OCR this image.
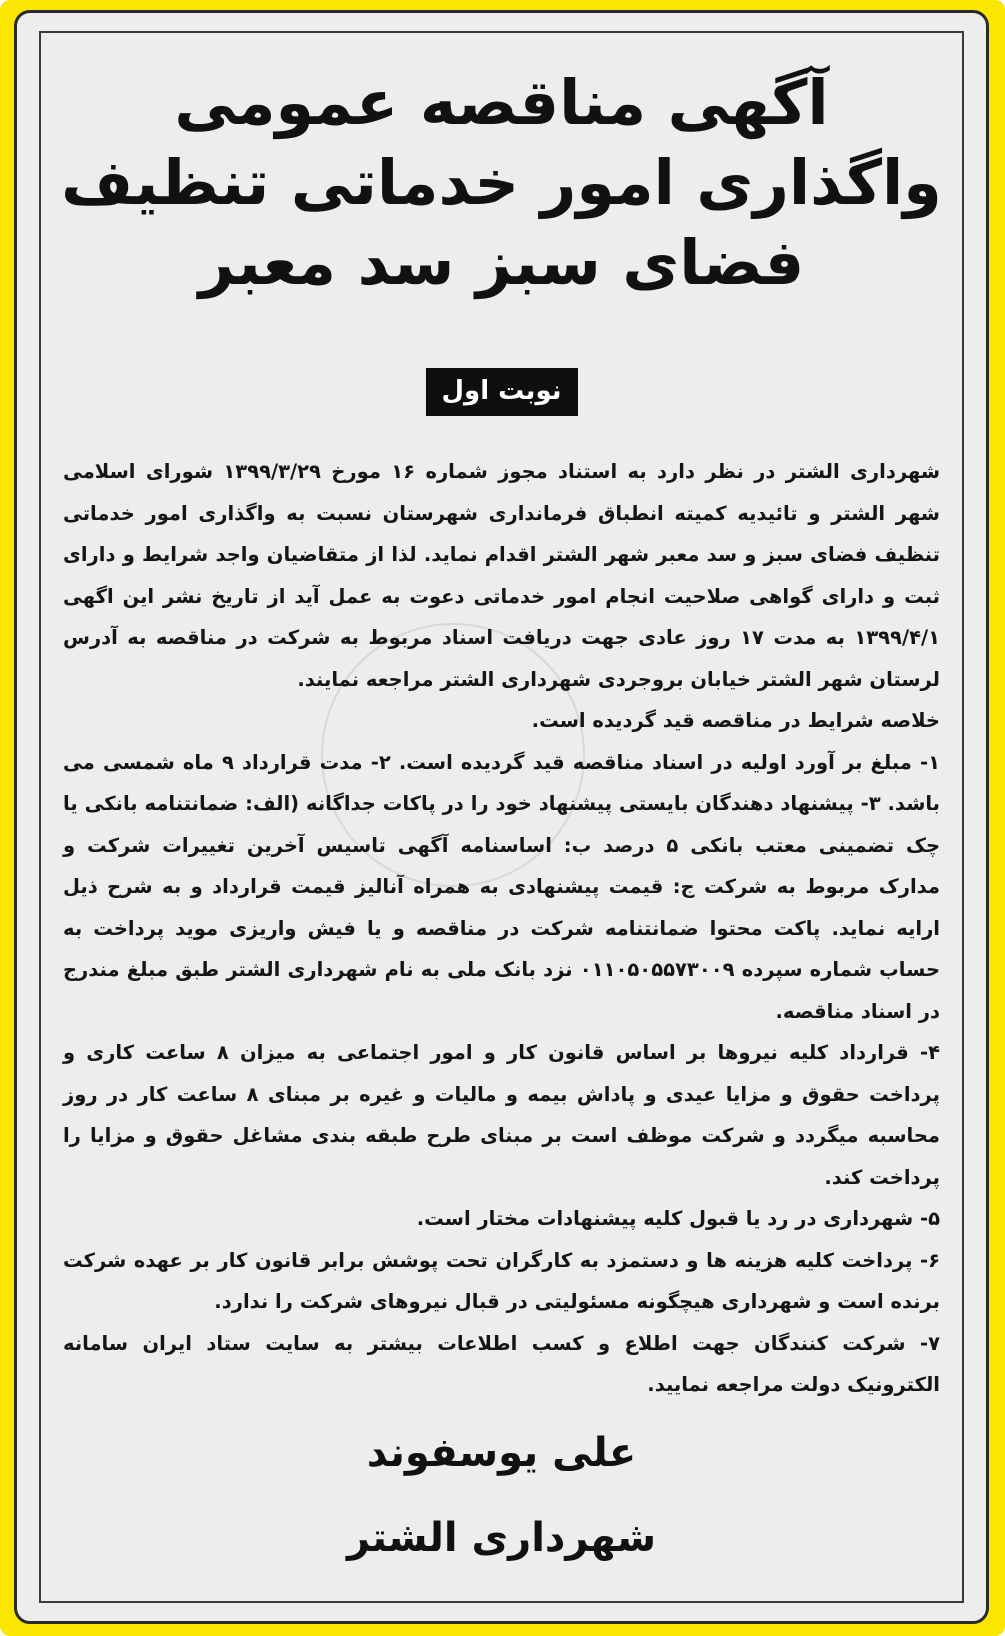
آگهی مناقصه عمومی
واگذاری امور خدماتی تنظیف
فضای سبز سد معبر
نوبت اول

شهرداری الشتر در نظر دارد به استناد مجوز شماره ۱۶ مورخ ۱۳۹۹/۳/۲۹ شورای اسلامی شهر الشتر و تائیدیه کمیته انطباق فرمانداری شهرستان نسبت به واگذاری امور خدماتی تنظیف فضای سبز و سد معبر شهر الشتر اقدام نماید. لذا از متقاضیان واجد شرایط و دارای ثبت و دارای گواهی صلاحیت انجام امور خدماتی دعوت به عمل آید از تاریخ نشر این اگهی ۱۳۹۹/۴/۱ به مدت ۱۷ روز عادی جهت دریافت اسناد مربوط به شرکت در مناقصه به آدرس لرستان شهر الشتر خیابان بروجردی شهرداری الشتر مراجعه نمایند.

خلاصه شرایط در مناقصه قید گردیده است.

۱- مبلغ بر آورد اولیه در اسناد مناقصه قید گردیده است. ۲- مدت قرارداد ۹ ماه شمسی می باشد. ۳- پیشنهاد دهندگان بایستی پیشنهاد خود را در پاکات جداگانه (الف: ضمانتنامه بانکی یا چک تضمینی معتب بانکی ۵ درصد ب: اساسنامه آگهی تاسیس آخرین تغییرات شرکت و مدارک مربوط به شرکت ج: قیمت پیشنهادی به همراه آنالیز قیمت قرارداد و به شرح ذیل ارایه نماید. پاکت محتوا ضمانتنامه شرکت در مناقصه و یا فیش واریزی موید پرداخت به حساب شماره سپرده ۰۱۱۰۵۰۵۵۷۳۰۰۹ نزد بانک ملی به نام شهرداری الشتر طبق مبلغ مندرج در اسناد مناقصه.

۴- قرارداد کلیه نیروها بر اساس قانون کار و امور اجتماعی به میزان ۸ ساعت کاری و پرداخت حقوق و مزایا عیدی و پاداش بیمه و مالیات و غیره بر مبنای ۸ ساعت کار در روز محاسبه میگردد و شرکت موظف است بر مبنای طرح طبقه بندی مشاغل حقوق و مزایا را پرداخت کند.

۵- شهرداری در رد یا قبول کلیه پیشنهادات مختار است.

۶- پرداخت کلیه هزینه ها و دستمزد به کارگران تحت پوشش برابر قانون کار بر عهده شرکت برنده است و شهرداری هیچگونه مسئولیتی در قبال نیروهای شرکت را ندارد.

۷- شرکت کنندگان جهت اطلاع و کسب اطلاعات بیشتر به سایت ستاد ایران سامانه الکترونیک دولت مراجعه نمایید.

علی یوسفوند
شهرداری الشتر
